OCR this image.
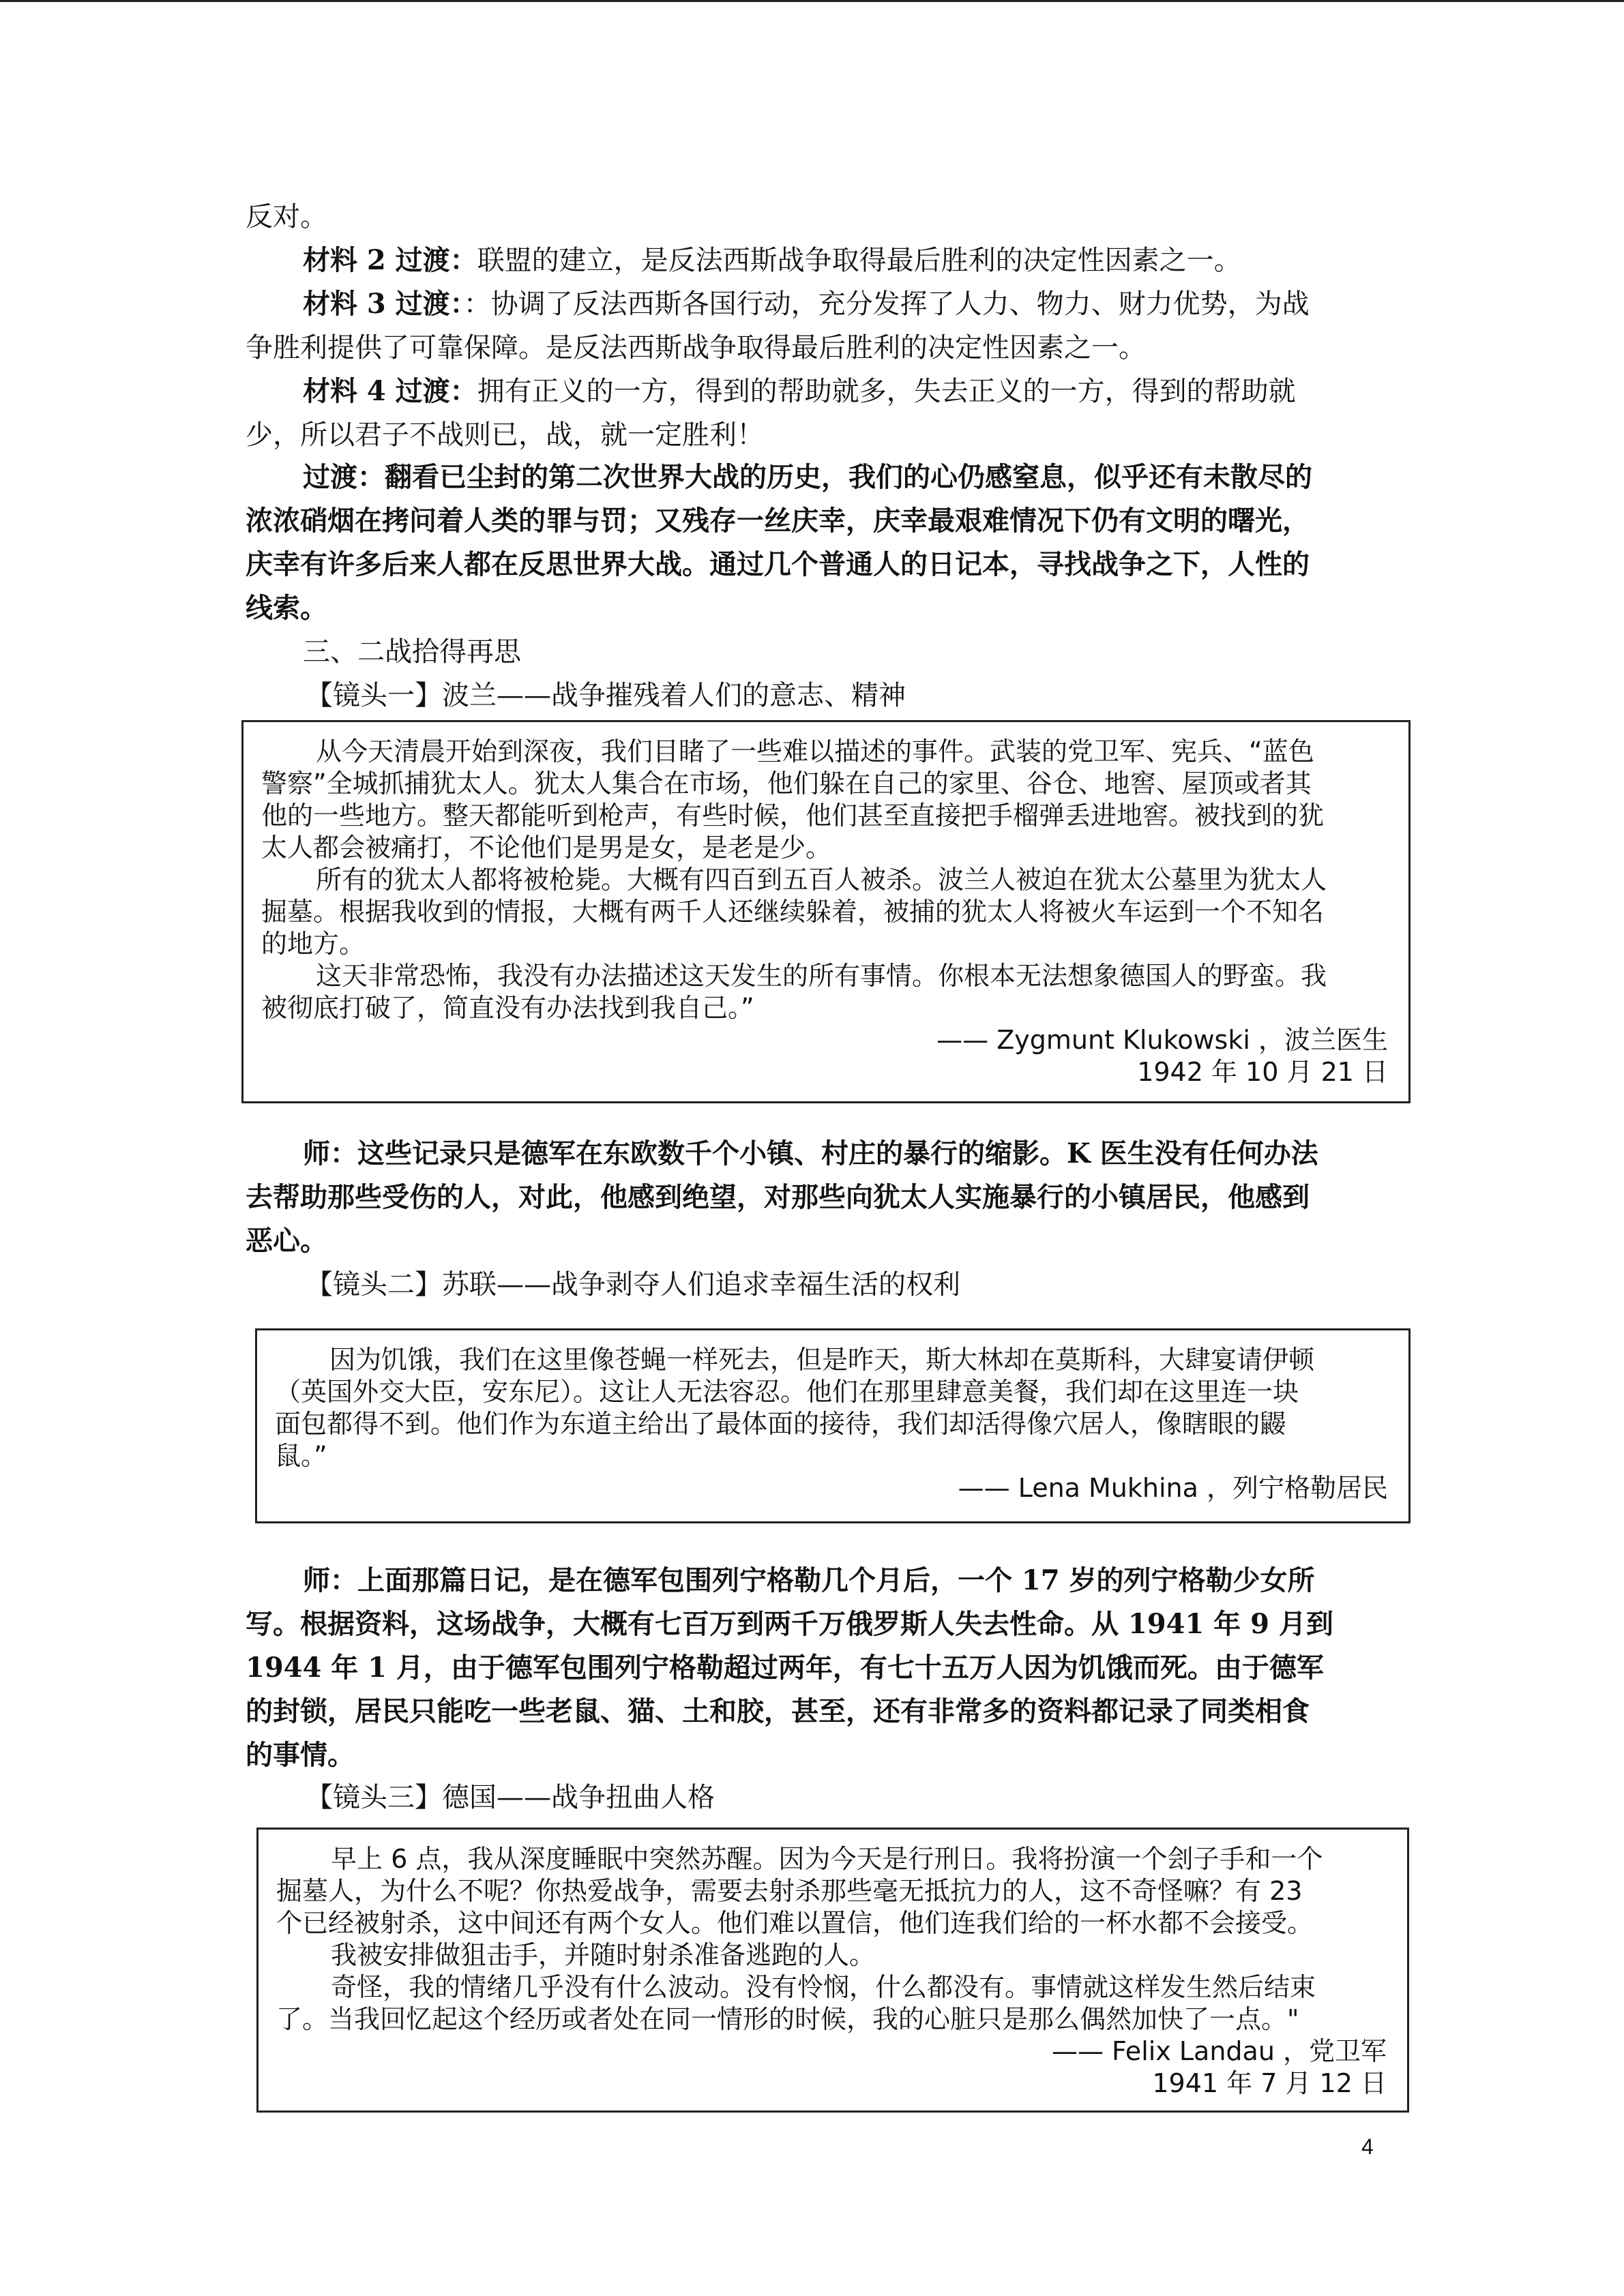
反对。

材料 2 过渡：联盟的建立，是反法西斯战争取得最后胜利的决定性因素之一。

材料 3 过渡：：协调了反法西斯各国行动，充分发挥了人力、物力、财力优势，为战

争胜利提供了可靠保障。是反法西斯战争取得最后胜利的决定性因素之一。

材料 4 过渡：拥有正义的一方，得到的帮助就多，失去正义的一方，得到的帮助就

少，所以君子不战则已，战，就一定胜利！

过渡：翻看已尘封的第二次世界大战的历史，我们的心仍感窒息，似乎还有未散尽的

浓浓硝烟在拷问着人类的罪与罚；又残存一丝庆幸，庆幸最艰难情况下仍有文明的曙光，

庆幸有许多后来人都在反思世界大战。通过几个普通人的日记本，寻找战争之下，人性的

线索。

三、二战拾得再思

【镜头一】波兰——战争摧残着人们的意志、精神

从今天清晨开始到深夜，我们目睹了一些难以描述的事件。武装的党卫军、宪兵、“蓝色
警察”全城抓捕犹太人。犹太人集合在市场，他们躲在自己的家里、谷仓、地窖、屋顶或者其
他的一些地方。整天都能听到枪声，有些时候，他们甚至直接把手榴弹丢进地窖。被找到的犹
太人都会被痛打，不论他们是男是女，是老是少。
所有的犹太人都将被枪毙。大概有四百到五百人被杀。波兰人被迫在犹太公墓里为犹太人
掘墓。根据我收到的情报，大概有两千人还继续躲着，被捕的犹太人将被火车运到一个不知名
的地方。
这天非常恐怖，我没有办法描述这天发生的所有事情。你根本无法想象德国人的野蛮。我
被彻底打破了，简直没有办法找到我自己。”
—— Zygmunt Klukowski ，波兰医生
1942 年 10 月 21 日

师：这些记录只是德军在东欧数千个小镇、村庄的暴行的缩影。K 医生没有任何办法

去帮助那些受伤的人，对此，他感到绝望，对那些向犹太人实施暴行的小镇居民，他感到

恶心。

【镜头二】苏联——战争剥夺人们追求幸福生活的权利

因为饥饿，我们在这里像苍蝇一样死去，但是昨天，斯大林却在莫斯科，大肆宴请伊顿
（英国外交大臣，安东尼）。这让人无法容忍。他们在那里肆意美餐，我们却在这里连一块
面包都得不到。他们作为东道主给出了最体面的接待，我们却活得像穴居人，像瞎眼的鼹
鼠。”
—— Lena Mukhina ，列宁格勒居民

师：上面那篇日记，是在德军包围列宁格勒几个月后，一个 17 岁的列宁格勒少女所

写。根据资料，这场战争，大概有七百万到两千万俄罗斯人失去性命。从 1941 年 9 月到

1944 年 1 月，由于德军包围列宁格勒超过两年，有七十五万人因为饥饿而死。由于德军

的封锁，居民只能吃一些老鼠、猫、土和胶，甚至，还有非常多的资料都记录了同类相食

的事情。

【镜头三】德国——战争扭曲人格

早上 6 点，我从深度睡眠中突然苏醒。因为今天是行刑日。我将扮演一个刽子手和一个
掘墓人，为什么不呢？你热爱战争，需要去射杀那些毫无抵抗力的人，这不奇怪嘛？有 23
个已经被射杀，这中间还有两个女人。他们难以置信，他们连我们给的一杯水都不会接受。
我被安排做狙击手，并随时射杀准备逃跑的人。
奇怪，我的情绪几乎没有什么波动。没有怜悯，什么都没有。事情就这样发生然后结束
了。当我回忆起这个经历或者处在同一情形的时候，我的心脏只是那么偶然加快了一点。"
—— Felix Landau ，党卫军
1941 年 7 月 12 日
4
